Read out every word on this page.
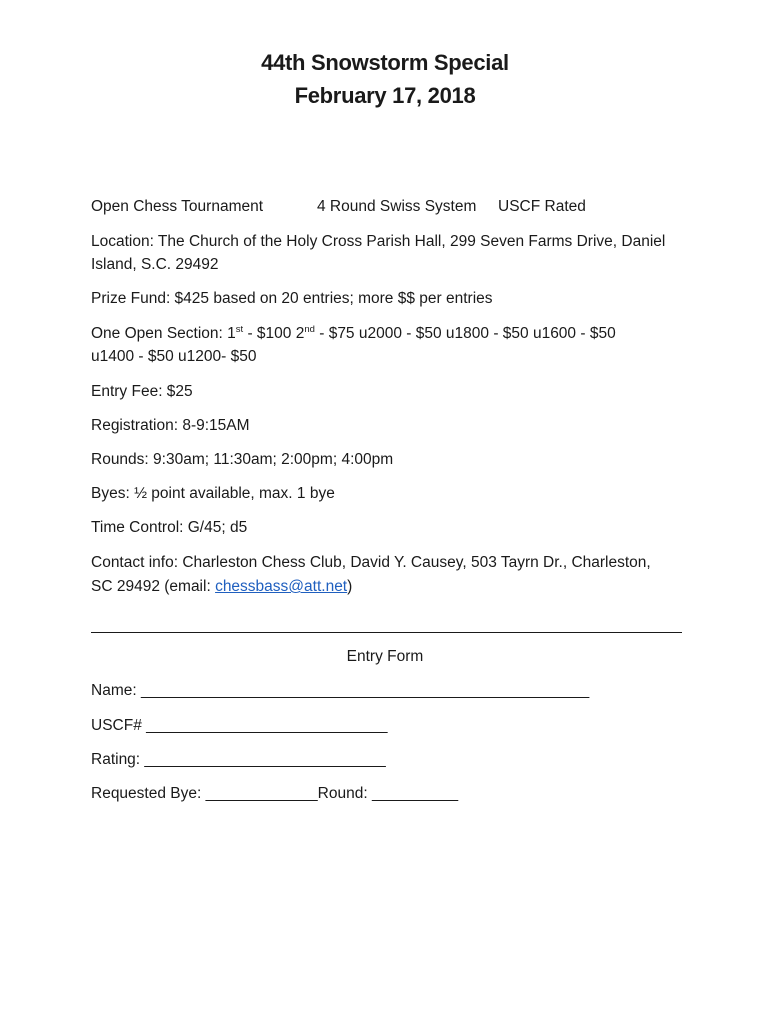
44th Snowstorm Special
February 17, 2018
Open Chess Tournament	4 Round Swiss System USCF Rated
Location: The Church of the Holy Cross Parish Hall, 299 Seven Farms Drive, Daniel
Island, S.C. 29492
Prize Fund: $425 based on 20 entries; more $$ per entries
One Open Section: 1st - $100 2nd - $75 u2000 - $50 u1800 - $50 u1600 - $50
u1400 - $50 u1200- $50
Entry Fee: $25
Registration: 8-9:15AM
Rounds: 9:30am; 11:30am; 2:00pm; 4:00pm
Byes: ½ point available, max. 1 bye
Time Control: G/45; d5
Contact info: Charleston Chess Club, David Y. Causey, 503 Tayrn Dr., Charleston,
SC 29492 (email: chessbass@att.net)
Entry Form
Name: ____________________________________________________
USCF# ____________________________
Rating: ____________________________
Requested Bye: _____________Round: __________
